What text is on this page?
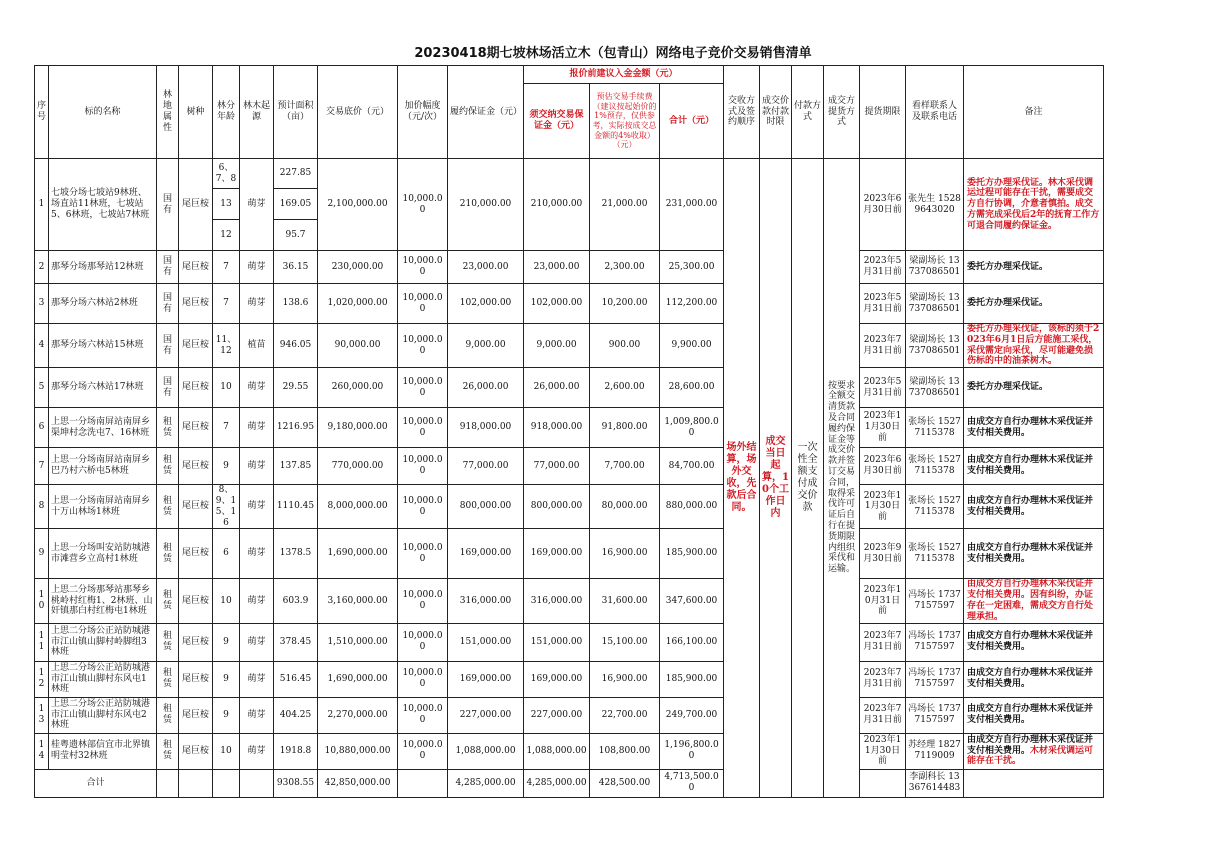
20230418期七坡林场活立木（包青山）网络电子竞价交易销售清单
序号	标的名称	林地属性	树种	林分年龄	林木起源	预计面积（亩）	交易底价（元）	加价幅度（元/次）	履约保证金（元）	报价前建议入金金额（元）			交收方式及签约顺序	成交价款付款时限	付款方式	成交方提货方式	提货期限	看样联系人及联系电话	备注
										须交纳交易保证金（元）	预估交易手续费（建议按起始价的1%预存，仅供参考，实际按成交总金额的4%收取）（元）	合计（元）							
1	七坡分场七坡站9林班、场直站11林班，七坡站5、6林班，七坡站7林班	国有	尾巨桉	6、7、8	萌芽	227.85	2,100,000.00	10,000.00	210,000.00	210,000.00	21,000.00	231,000.00	场外结算，场外交收，先款后合同。	成交当日起算，10个工作日内	一次性全额支付成交价款	按要求全额交清货款及合同履约保证金等成交价款并签订交易合同，取得采伐许可证后自行在提货期限内组织采伐和运输。	2023年6月30日前	张先生 15289643020	委托方办理采伐证。林木采伐调运过程可能存在干扰，需要成交方自行协调，介意者慎拍。成交方需完成采伐后2年的抚育工作方可退合同履约保证金。
				13		169.05													
				12		95.7													
2	那琴分场那琴站12林班	国有	尾巨桉	7	萌芽	36.15	230,000.00	10,000.00	23,000.00	23,000.00	2,300.00	25,300.00					2023年5月31日前	梁副场长 13737086501	委托方办理采伐证。
3	那琴分场六林站2林班	国有	尾巨桉	7	萌芽	138.6	1,020,000.00	10,000.00	102,000.00	102,000.00	10,200.00	112,200.00					2023年5月31日前	梁副场长 13737086501	委托方办理采伐证。
4	那琴分场六林站15林班	国有	尾巨桉	11、12	植苗	946.05	90,000.00	10,000.00	9,000.00	9,000.00	900.00	9,900.00					2023年7月31日前	梁副场长 13737086501	委托方办理采伐证，该标的须于2023年6月1日后方能施工采伐，采伐需定向采伐，尽可能避免损伤标的中的油茶树木。
5	那琴分场六林站17林班	国有	尾巨桉	10	萌芽	29.55	260,000.00	10,000.00	26,000.00	26,000.00	2,600.00	28,600.00					2023年5月31日前	梁副场长 13737086501	委托方办理采伐证。
6	上思一分场南屏站南屏乡渠坤村念洗屯7、16林班	租赁	尾巨桉	7	萌芽	1216.95	9,180,000.00	10,000.00	918,000.00	918,000.00	91,800.00	1,009,800.00					2023年11月30日前	张场长 15277115378	由成交方自行办理林木采伐证并支付相关费用。
7	上思一分场南屏站南屏乡巴乃村六桥屯5林班	租赁	尾巨桉	9	萌芽	137.85	770,000.00	10,000.00	77,000.00	77,000.00	7,700.00	84,700.00					2023年6月30日前	张场长 15277115378	由成交方自行办理林木采伐证并支付相关费用。
8	上思一分场南屏站南屏乡十万山林场1林班	租赁	尾巨桉	8、9、15、16	萌芽	1110.45	8,000,000.00	10,000.00	800,000.00	800,000.00	80,000.00	880,000.00					2023年11月30日前	张场长 15277115378	由成交方自行办理林木采伐证并支付相关费用。
9	上思一分场叫安站防城港市滩营乡立高村1林班	租赁	尾巨桉	6	萌芽	1378.5	1,690,000.00	10,000.00	169,000.00	169,000.00	16,900.00	185,900.00					2023年9月30日前	张场长 15277115378	由成交方自行办理林木采伐证并支付相关费用。
10	上思二分场那琴站那琴乡桃岭村红梅1、2林班、山奸镇那白村红梅屯1林班	租赁	尾巨桉	10	萌芽	603.9	3,160,000.00	10,000.00	316,000.00	316,000.00	31,600.00	347,600.00					2023年10月31日前	冯场长 17377157597	由成交方自行办理林木采伐证并支付相关费用。因有纠纷，办证存在一定困难，需成交方自行处理承担。
11	上思二分场公正站防城港市江山镇山脚村岭脚组3林班	租赁	尾巨桉	9	萌芽	378.45	1,510,000.00	10,000.00	151,000.00	151,000.00	15,100.00	166,100.00					2023年7月31日前	冯场长 17377157597	由成交方自行办理林木采伐证并支付相关费用。
12	上思二分场公正站防城港市江山镇山脚村东风屯1林班	租赁	尾巨桉	9	萌芽	516.45	1,690,000.00	10,000.00	169,000.00	169,000.00	16,900.00	185,900.00					2023年7月31日前	冯场长 17377157597	由成交方自行办理林木采伐证并支付相关费用。
13	上思二分场公正站防城港市江山镇山脚村东风屯2林班	租赁	尾巨桉	9	萌芽	404.25	2,270,000.00	10,000.00	227,000.00	227,000.00	22,700.00	249,700.00					2023年7月31日前	冯场长 17377157597	由成交方自行办理林木采伐证并支付相关费用。
14	桂粤遗林部信宜市北界镇明莹村32林班	租赁	尾巨桉	10	萌芽	1918.8	10,880,000.00	10,000.00	1,088,000.00	1,088,000.00	108,800.00	1,196,800.00					2023年11月30日前	苏经理 18277119009	由成交方自行办理林木采伐证并支付相关费用。木材采伐调运可能存在干扰。
合计						9308.55	42,850,000.00		4,285,000.00	4,285,000.00	428,500.00	4,713,500.00						李副科长 13367614483	
